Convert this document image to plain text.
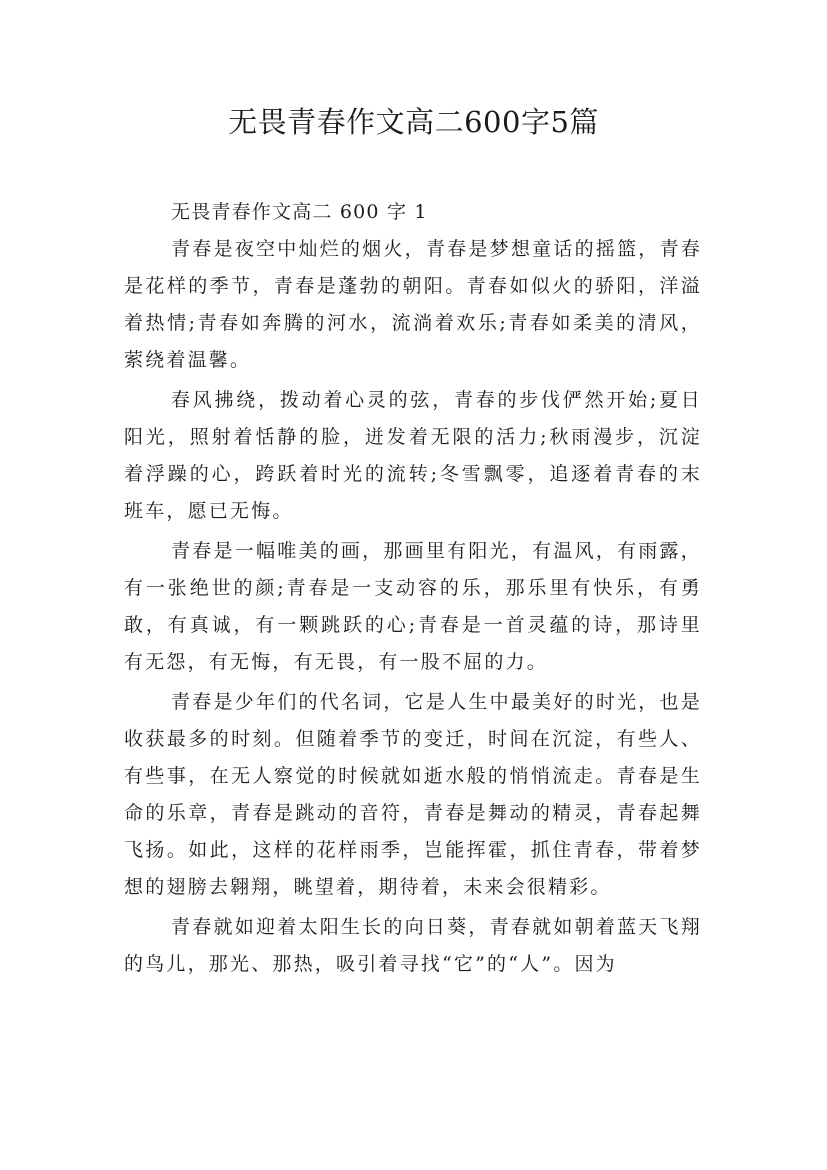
无畏青春作文高二600字5篇

无畏青春作文高二 600 字 1

青春是夜空中灿烂的烟火，青春是梦想童话的摇篮，青春是花样的季节，青春是蓬勃的朝阳。青春如似火的骄阳，洋溢着热情;青春如奔腾的河水，流淌着欢乐;青春如柔美的清风，萦绕着温馨。

春风拂绕，拨动着心灵的弦，青春的步伐俨然开始;夏日阳光，照射着恬静的脸，迸发着无限的活力;秋雨漫步，沉淀着浮躁的心，跨跃着时光的流转;冬雪飘零，追逐着青春的末班车，愿已无悔。

青春是一幅唯美的画，那画里有阳光，有温风，有雨露，有一张绝世的颜;青春是一支动容的乐，那乐里有快乐，有勇敢，有真诚，有一颗跳跃的心;青春是一首灵蕴的诗，那诗里有无怨，有无悔，有无畏，有一股不屈的力。

青春是少年们的代名词，它是人生中最美好的时光，也是收获最多的时刻。但随着季节的变迁，时间在沉淀，有些人、有些事，在无人察觉的时候就如逝水般的悄悄流走。青春是生命的乐章，青春是跳动的音符，青春是舞动的精灵，青春起舞飞扬。如此，这样的花样雨季，岂能挥霍，抓住青春，带着梦想的翅膀去翱翔，眺望着，期待着，未来会很精彩。

青春就如迎着太阳生长的向日葵，青春就如朝着蓝天飞翔的鸟儿，那光、那热，吸引着寻找“它”的“人”。因为
